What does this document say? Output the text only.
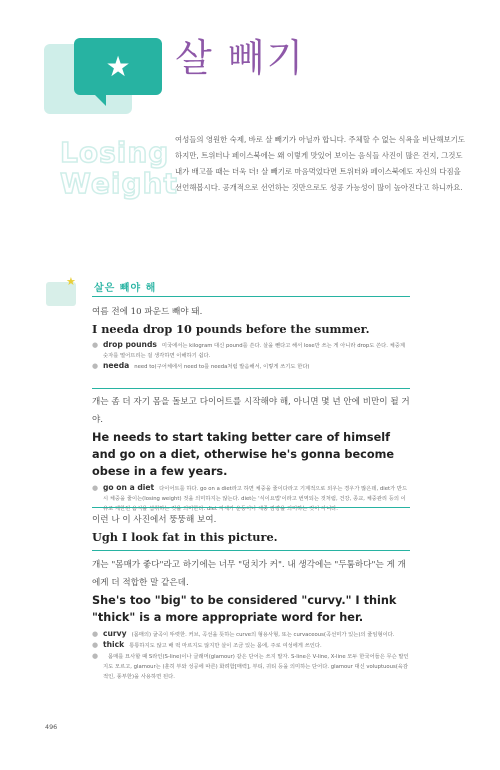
★ 살 빼기
Losing
Weight

여성들의 영원한 숙제, 바로 살 빼기가 아닐까 합니다. 주체할 수 없는 식욕을 비난해보기도 하지만, 트위터나 페이스북에는 왜 이렇게 맛있어 보이는 음식들 사진이 많은 건지, 그것도 내가 배고플 때는 더욱 더! 살 빼기로 마음먹었다면 트위터와 페이스북에도 자신의 다짐을 선언해봅시다. 공개적으로 선언하는 것만으로도 성공 가능성이 많이 높아진다고 하니까요.

★
살은 빼야 해

여름 전에 10 파운드 빼야 돼.

I needa drop 10 pounds before the summer.

● drop pounds 미국에서는 kilogram 대신 pound를 쓴다. 살을 뺀다고 해서 lose만 쓰는 게 아니라 drop도 쓴다. 체중계 숫자를 떨어뜨리는 걸 생각하면 이해하기 쉽다.
● needa need to(구어체에서 need to를 needa처럼 발음해서, 이렇게 쓰기도 한다)

개는 좀 더 자기 몸을 돌보고 다이어트를 시작해야 해, 아니면 몇 년 안에 비만이 될 거야.

He needs to start taking better care of himself and go on a diet, otherwise he's gonna become obese in a few years.

● go on a diet 다이어트를 하다. go on a diet라고 하면 체중을 줄이다라고 기계적으로 외우는 경우가 많은데, diet가 반드시 체중을 줄이는(losing weight) 것을 의미하지는 않는다. diet는 '식이요법'이라고 번역되는 것처럼, 건강, 종교, 체중관리 등의 이유로 제한된 음식을 섭취하는 것을 의미한다. diet 자체가 운동이나 체중 감량을 의미하는 것이 아니다.

이런 나 이 사진에서 뚱뚱해 보여.

Ugh I look fat in this picture.

개는 "몸매가 좋다"라고 하기에는 너무 "덩치가 커". 내 생각에는 "두툼하다"는 게 개에게 더 적합한 말 같은데.

She's too "big" to be considered "curvy." I think "thick" is a more appropriate word for her.

● curvy (몸매의) 굴곡이 뚜렷한. 커브, 곡선을 뜻하는 curve의 형용사형, 또는 curvaceous(곡선미가 있는)의 줄임형이다.
● thick 통통하지도 않고 배 떡 마르지도 않지만 살이 조금 있는 몸에, 주로 여성에게 쓰인다.
● 몸매를 묘사할 때 S라인(S-line)이나 글래머(glamour) 같은 단어는 쓰지 말자. S-line은 V-line, X-line 모두 한국어들은 무슨 말인지도 모르고, glamour는 (훈히 부와 성공에 따른) 화려함[매력], 부티, 귀티 등을 의미하는 단어다. glamour 대신 voluptuous(육감적인, 풍부한)을 사용하면 된다.
496
